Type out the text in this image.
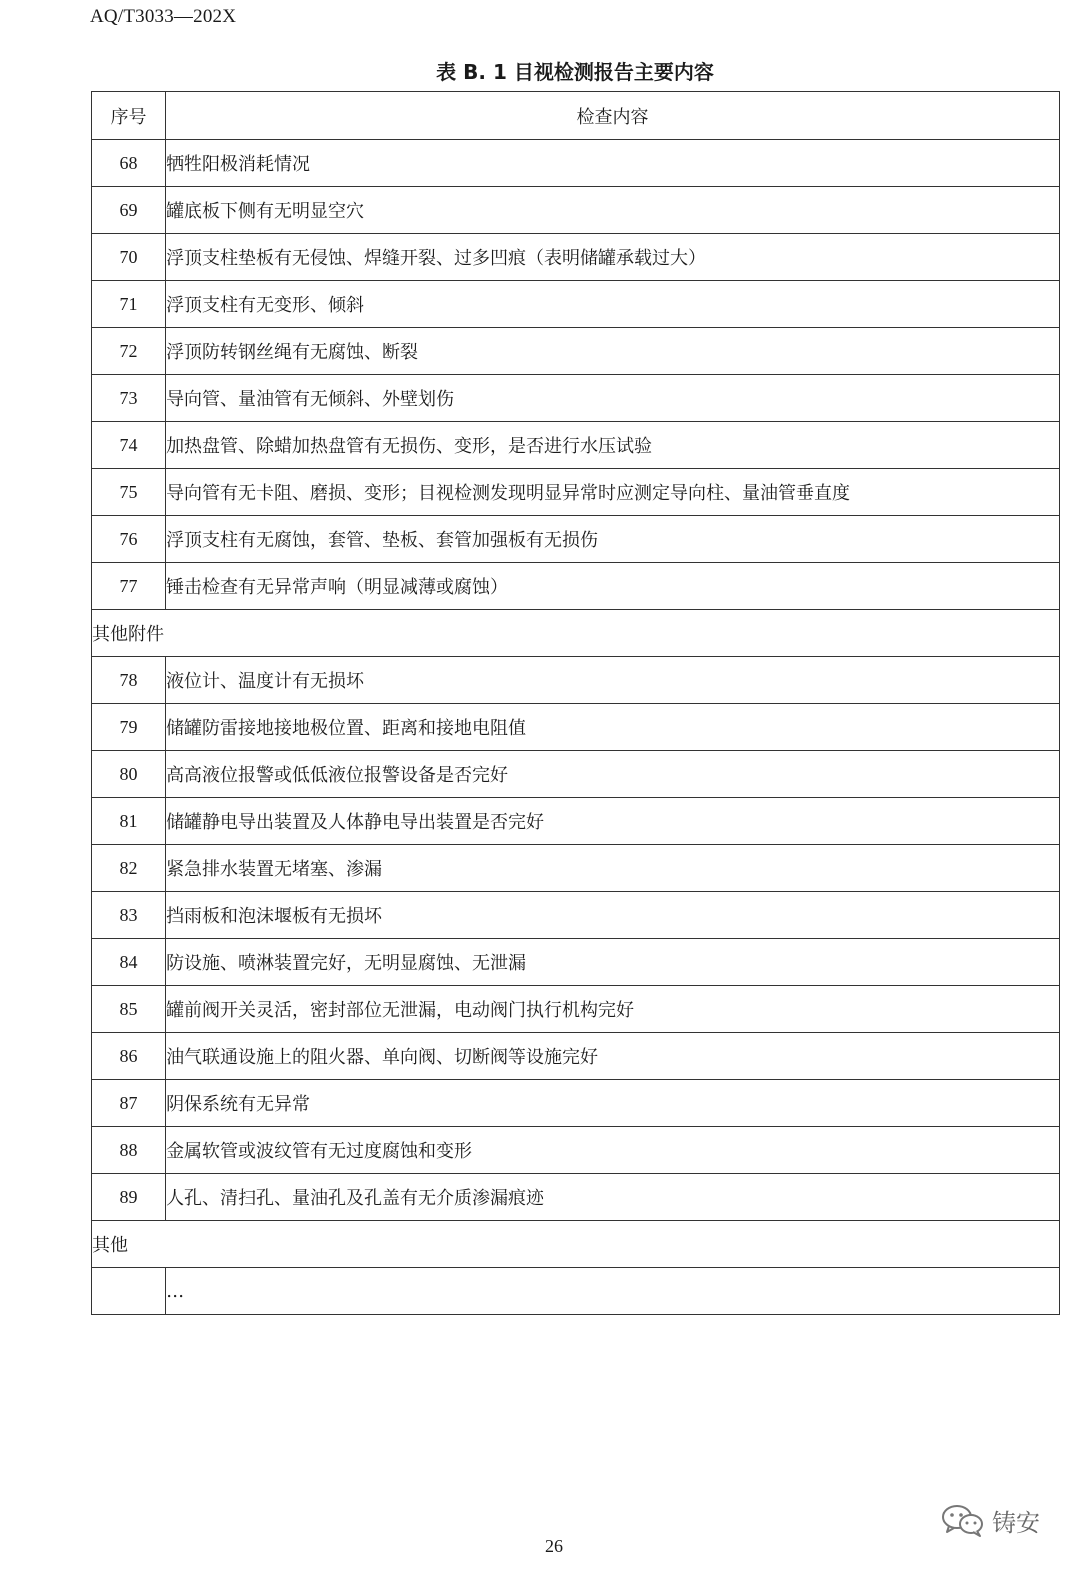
AQ/T3033—202X
表 B. 1 目视检测报告主要内容
序号	检查内容
68	牺牲阳极消耗情况
69	罐底板下侧有无明显空穴
70	浮顶支柱垫板有无侵蚀、焊缝开裂、过多凹痕（表明储罐承载过大）
71	浮顶支柱有无变形、倾斜
72	浮顶防转钢丝绳有无腐蚀、断裂
73	导向管、量油管有无倾斜、外壁划伤
74	加热盘管、除蜡加热盘管有无损伤、变形，是否进行水压试验
75	导向管有无卡阻、磨损、变形；目视检测发现明显异常时应测定导向柱、量油管垂直度
76	浮顶支柱有无腐蚀，套管、垫板、套管加强板有无损伤
77	锤击检查有无异常声响（明显减薄或腐蚀）
其他附件	
78	液位计、温度计有无损坏
79	储罐防雷接地接地极位置、距离和接地电阻值
80	高高液位报警或低低液位报警设备是否完好
81	储罐静电导出装置及人体静电导出装置是否完好
82	紧急排水装置无堵塞、渗漏
83	挡雨板和泡沫堰板有无损坏
84	防设施、喷淋装置完好，无明显腐蚀、无泄漏
85	罐前阀开关灵活，密封部位无泄漏，电动阀门执行机构完好
86	油气联通设施上的阻火器、单向阀、切断阀等设施完好
87	阴保系统有无异常
88	金属软管或波纹管有无过度腐蚀和变形
89	人孔、清扫孔、量油孔及孔盖有无介质渗漏痕迹
其他	
	…
26
铸安
